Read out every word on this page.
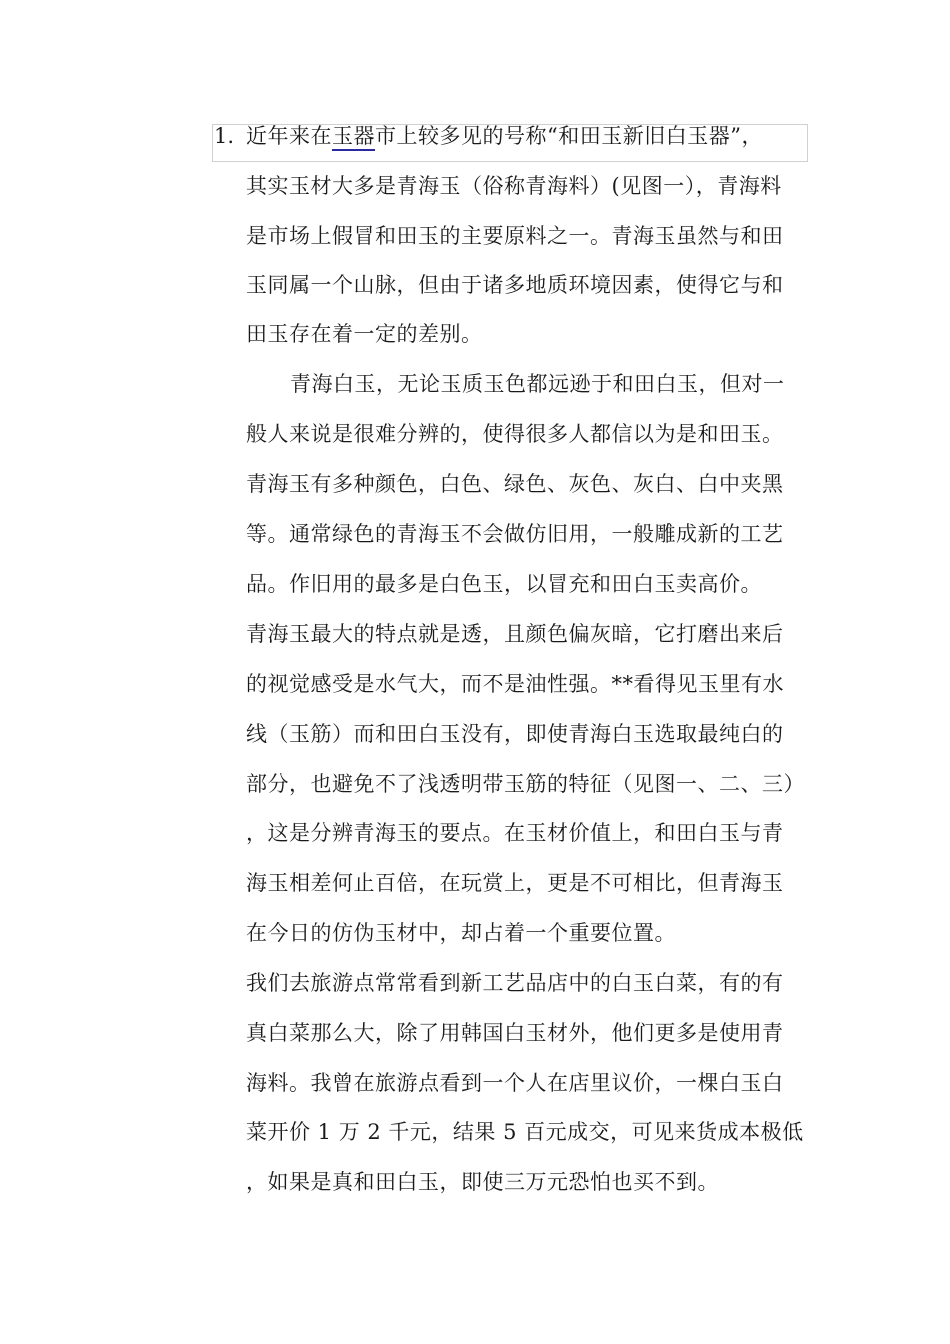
1. 近年来在玉器市上较多见的号称“和田玉新旧白玉器”，
其实玉材大多是青海玉（俗称青海料）(见图一），青海料
是市场上假冒和田玉的主要原料之一。青海玉虽然与和田
玉同属一个山脉，但由于诸多地质环境因素，使得它与和
田玉存在着一定的差别。
青海白玉，无论玉质玉色都远逊于和田白玉，但对一
般人来说是很难分辨的，使得很多人都信以为是和田玉。
青海玉有多种颜色，白色、绿色、灰色、灰白、白中夹黑
等。通常绿色的青海玉不会做仿旧用，一般雕成新的工艺
品。作旧用的最多是白色玉，以冒充和田白玉卖高价。
青海玉最大的特点就是透，且颜色偏灰暗，它打磨出来后
的视觉感受是水气大，而不是油性强。**看得见玉里有水
线（玉筋）而和田白玉没有，即使青海白玉选取最纯白的
部分，也避免不了浅透明带玉筋的特征（见图一、二、三）
，这是分辨青海玉的要点。在玉材价值上，和田白玉与青
海玉相差何止百倍，在玩赏上，更是不可相比，但青海玉
在今日的仿伪玉材中，却占着一个重要位置。
我们去旅游点常常看到新工艺品店中的白玉白菜，有的有
真白菜那么大，除了用韩国白玉材外，他们更多是使用青
海料。我曾在旅游点看到一个人在店里议价，一棵白玉白
菜开价 1 万 2 千元，结果 5 百元成交，可见来货成本极低
，如果是真和田白玉，即使三万元恐怕也买不到。
